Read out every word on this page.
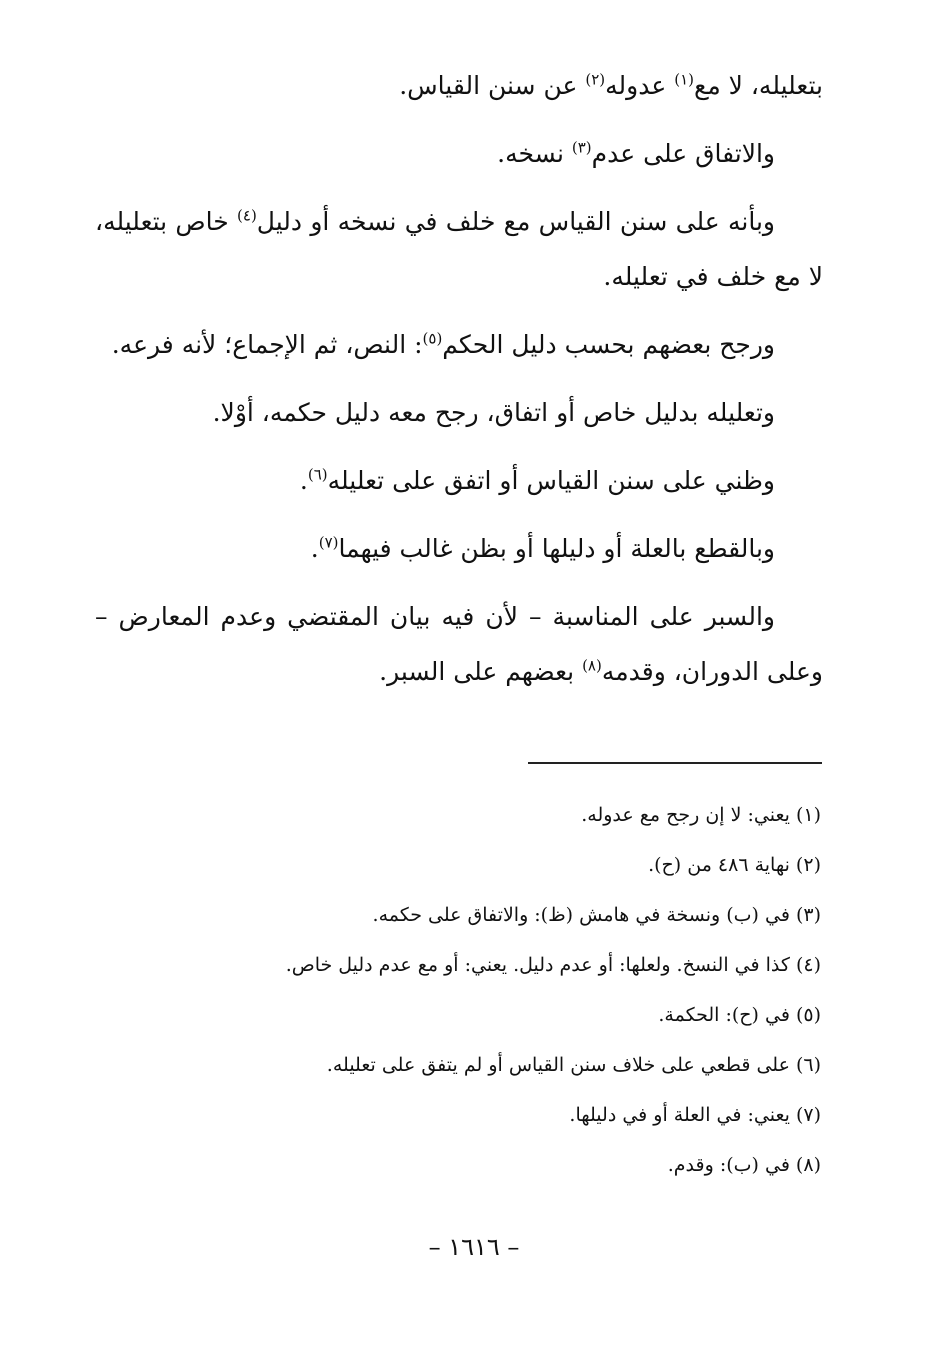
بتعليله، لا مع$^{(١)}$ عدوله$^{(٢)}$ عن سنن القياس.

والاتفاق على عدم$^{(٣)}$ نسخه.

وبأنه على سنن القياس مع خلف في نسخه أو دليل$^{(٤)}$ خاص بتعليله، لا مع خلف في تعليله.

ورجح بعضهم بحسب دليل الحكم$^{(٥)}$: النص، ثم الإجماع؛ لأنه فرعه.

وتعليله بدليل خاص أو اتفاق، رجح معه دليل حكمه، أوْلا.

وظني على سنن القياس أو اتفق على تعليله$^{(٦)}$.

وبالقطع بالعلة أو دليلها أو بظن غالب فيهما$^{(٧)}$.

والسبر على المناسبة – لأن فيه بيان المقتضي وعدم المعارض – وعلى الدوران، وقدمه$^{(٨)}$ بعضهم على السبر.

(١) يعني: لا إن رجح مع عدوله.

(٢) نهاية ٤٨٦ من (ح).

(٣) في (ب) ونسخة في هامش (ظ): والاتفاق على حكمه.

(٤) كذا في النسخ. ولعلها: أو عدم دليل. يعني: أو مع عدم دليل خاص.

(٥) في (ح): الحكمة.

(٦) على قطعي على خلاف سنن القياس أو لم يتفق على تعليله.

(٧) يعني: في العلة أو في دليلها.

(٨) في (ب): وقدم.

– ١٦١٦ –
